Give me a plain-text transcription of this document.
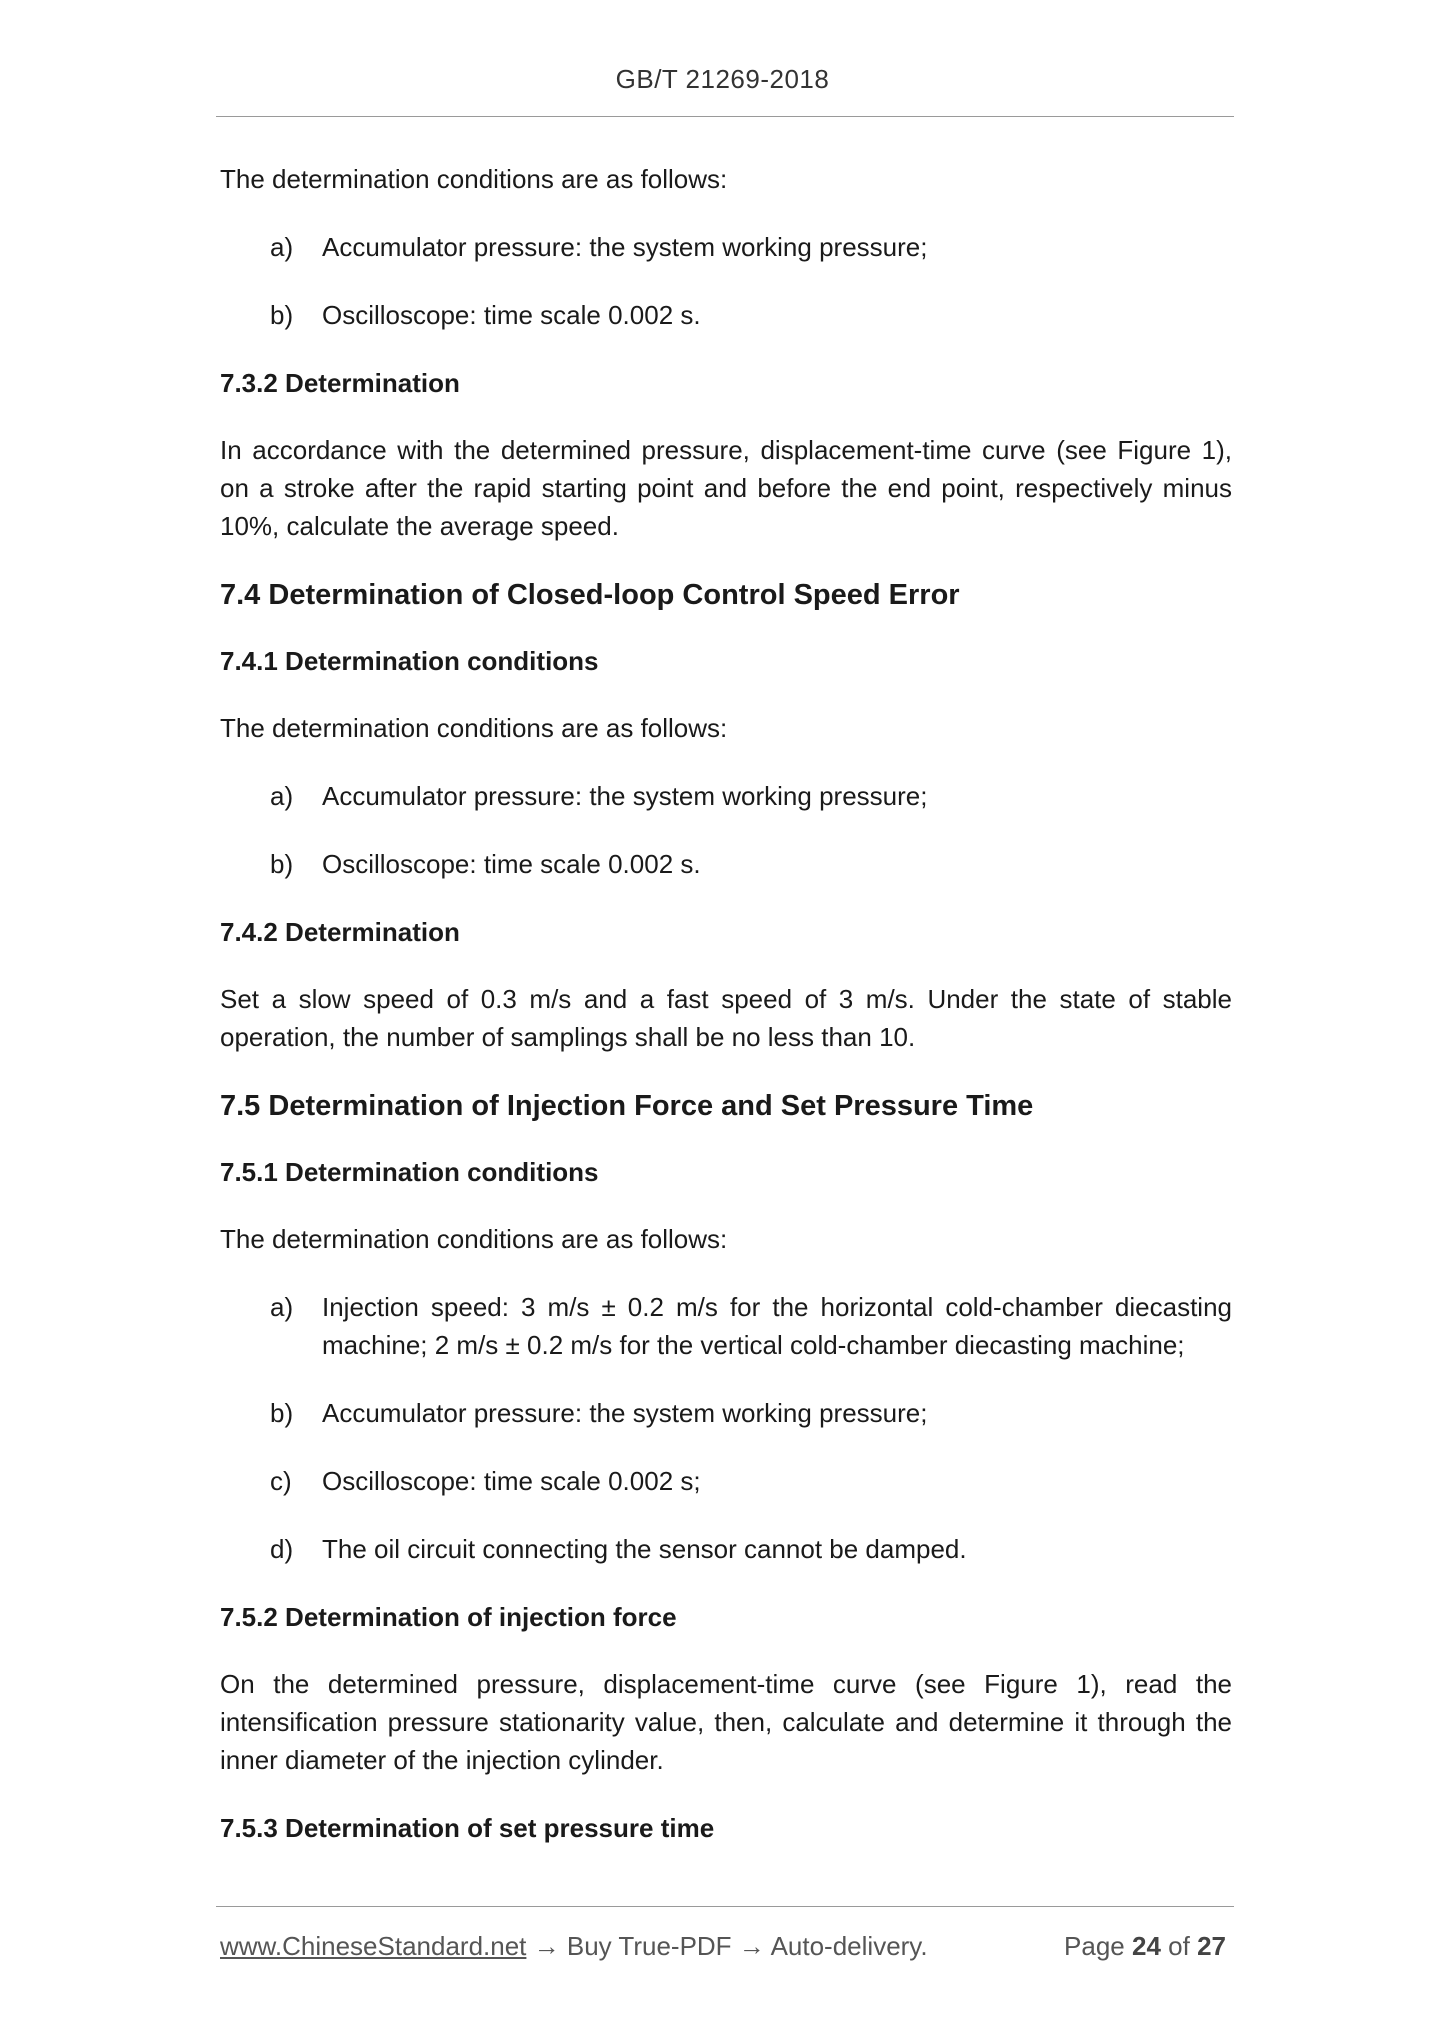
GB/T 21269-2018
The determination conditions are as follows:
a)	Accumulator pressure: the system working pressure;
b)	Oscilloscope: time scale 0.002 s.
7.3.2 Determination
In accordance with the determined pressure, displacement-time curve (see Figure 1), on a stroke after the rapid starting point and before the end point, respectively minus 10%, calculate the average speed.
7.4 Determination of Closed-loop Control Speed Error
7.4.1 Determination conditions
The determination conditions are as follows:
a)	Accumulator pressure: the system working pressure;
b)	Oscilloscope: time scale 0.002 s.
7.4.2 Determination
Set a slow speed of 0.3 m/s and a fast speed of 3 m/s. Under the state of stable operation, the number of samplings shall be no less than 10.
7.5 Determination of Injection Force and Set Pressure Time
7.5.1 Determination conditions
The determination conditions are as follows:
a)	Injection speed: 3 m/s ± 0.2 m/s for the horizontal cold-chamber diecasting machine; 2 m/s ± 0.2 m/s for the vertical cold-chamber diecasting machine;
b)	Accumulator pressure: the system working pressure;
c)	Oscilloscope: time scale 0.002 s;
d)	The oil circuit connecting the sensor cannot be damped.
7.5.2 Determination of injection force
On the determined pressure, displacement-time curve (see Figure 1), read the intensification pressure stationarity value, then, calculate and determine it through the inner diameter of the injection cylinder.
7.5.3 Determination of set pressure time
www.ChineseStandard.net → Buy True-PDF → Auto-delivery.	Page 24 of 27
